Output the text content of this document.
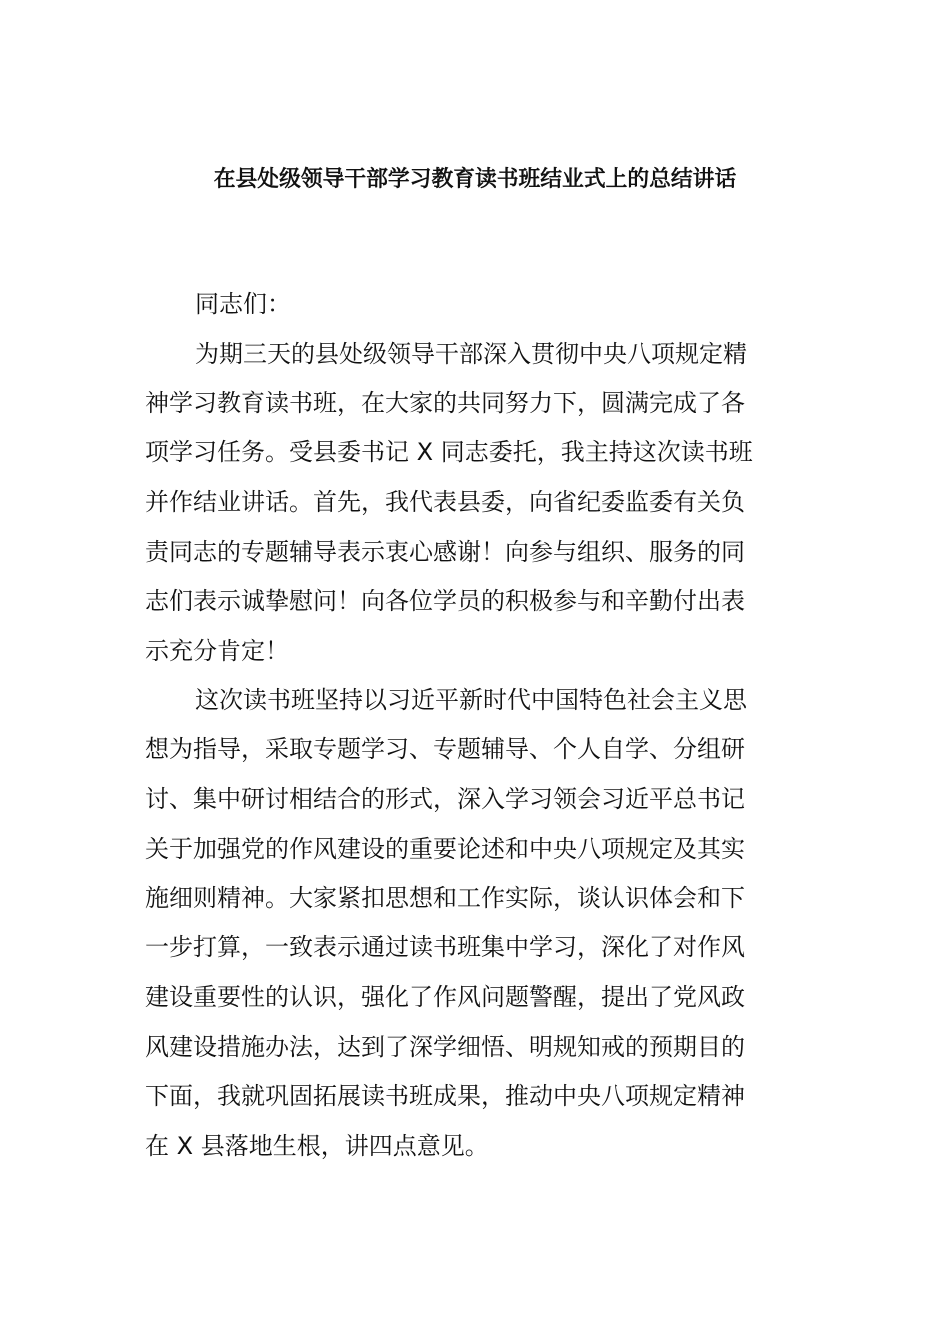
在县处级领导干部学习教育读书班结业式上的总结讲话
同志们：
为期三天的县处级领导干部深入贯彻中央八项规定精
神学习教育读书班，在大家的共同努力下，圆满完成了各
项学习任务。受县委书记 X 同志委托，我主持这次读书班
并作结业讲话。首先，我代表县委，向省纪委监委有关负
责同志的专题辅导表示衷心感谢！向参与组织、服务的同
志们表示诚挚慰问！向各位学员的积极参与和辛勤付出表
示充分肯定！
这次读书班坚持以习近平新时代中国特色社会主义思
想为指导，采取专题学习、专题辅导、个人自学、分组研
讨、集中研讨相结合的形式，深入学习领会习近平总书记
关于加强党的作风建设的重要论述和中央八项规定及其实
施细则精神。大家紧扣思想和工作实际，谈认识体会和下
一步打算，一致表示通过读书班集中学习，深化了对作风
建设重要性的认识，强化了作风问题警醒，提出了党风政
风建设措施办法，达到了深学细悟、明规知戒的预期目的
下面，我就巩固拓展读书班成果，推动中央八项规定精神
在 X 县落地生根，讲四点意见。
